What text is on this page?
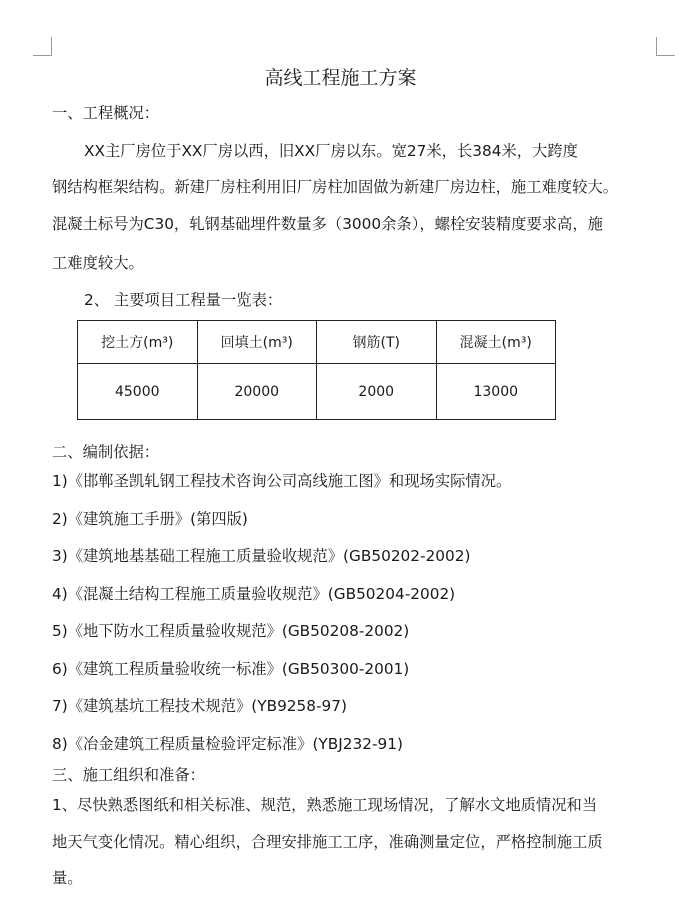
高线工程施工方案
一、工程概况：
XX主厂房位于XX厂房以西，旧XX厂房以东。宽27米，长384米，大跨度
钢结构框架结构。新建厂房柱利用旧厂房柱加固做为新建厂房边柱，施工难度较大。
混凝土标号为C30，轧钢基础埋件数量多（3000余条），螺栓安装精度要求高，施
工难度较大。
2、 主要项目工程量一览表：
挖土方(m³)	回填土(m³)	钢筋(T)	混凝土(m³)
45000	20000	2000	13000
二、编制依据：
1)《邯郸圣凯轧钢工程技术咨询公司高线施工图》和现场实际情况。
2)《建筑施工手册》(第四版)
3)《建筑地基基础工程施工质量验收规范》(GB50202-2002)
4)《混凝土结构工程施工质量验收规范》(GB50204-2002)
5)《地下防水工程质量验收规范》(GB50208-2002)
6)《建筑工程质量验收统一标准》(GB50300-2001)
7)《建筑基坑工程技术规范》(YB9258-97)
8)《冶金建筑工程质量检验评定标准》(YBJ232-91)
三、施工组织和准备：
1、尽快熟悉图纸和相关标准、规范，熟悉施工现场情况，了解水文地质情况和当
地天气变化情况。精心组织，合理安排施工工序，准确测量定位，严格控制施工质
量。
